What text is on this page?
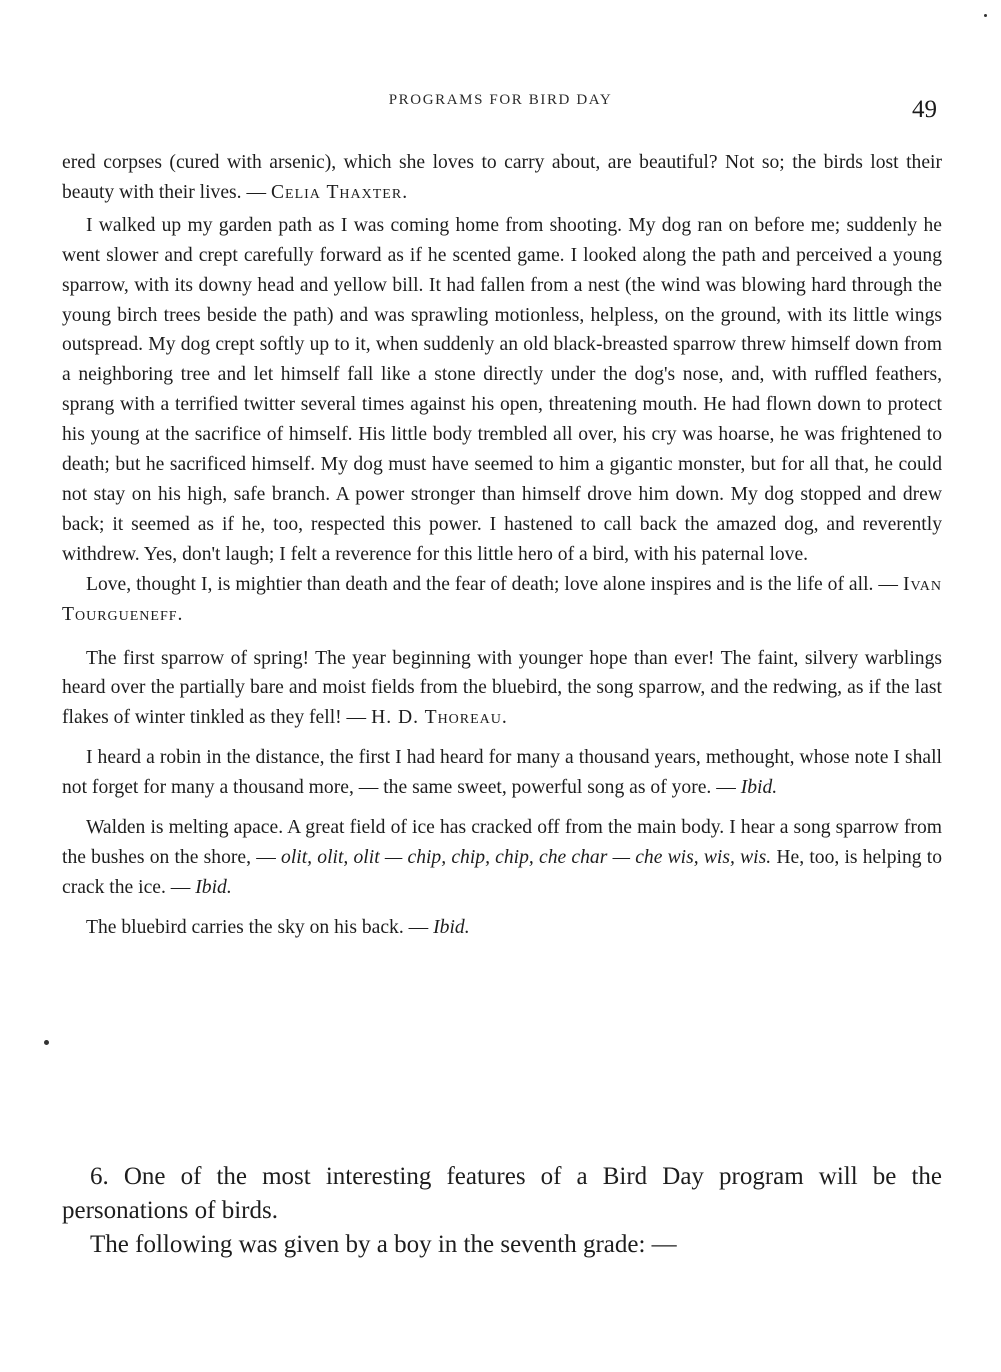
PROGRAMS FOR BIRD DAY	49

ered corpses (cured with arsenic), which she loves to carry about, are beautiful? Not so; the birds lost their beauty with their lives. — Celia Thaxter.

I walked up my garden path as I was coming home from shooting. My dog ran on before me; suddenly he went slower and crept carefully forward as if he scented game. I looked along the path and perceived a young sparrow, with its downy head and yellow bill. It had fallen from a nest (the wind was blowing hard through the young birch trees beside the path) and was sprawling motionless, helpless, on the ground, with its little wings outspread. My dog crept softly up to it, when suddenly an old black-breasted sparrow threw himself down from a neighboring tree and let himself fall like a stone directly under the dog's nose, and, with ruffled feathers, sprang with a terrified twitter several times against his open, threatening mouth. He had flown down to protect his young at the sacrifice of himself. His little body trembled all over, his cry was hoarse, he was frightened to death; but he sacrificed himself. My dog must have seemed to him a gigantic monster, but for all that, he could not stay on his high, safe branch. A power stronger than himself drove him down. My dog stopped and drew back; it seemed as if he, too, respected this power. I hastened to call back the amazed dog, and reverently withdrew. Yes, don't laugh; I felt a reverence for this little hero of a bird, with his paternal love.

Love, thought I, is mightier than death and the fear of death; love alone inspires and is the life of all. — Ivan Tourgueneff.

The first sparrow of spring! The year beginning with younger hope than ever! The faint, silvery warblings heard over the partially bare and moist fields from the bluebird, the song sparrow, and the redwing, as if the last flakes of winter tinkled as they fell! — H. D. Thoreau.

I heard a robin in the distance, the first I had heard for many a thousand years, methought, whose note I shall not forget for many a thousand more, — the same sweet, powerful song as of yore. — Ibid.

Walden is melting apace. A great field of ice has cracked off from the main body. I hear a song sparrow from the bushes on the shore, — olit, olit, olit — chip, chip, chip, che char — che wis, wis, wis. He, too, is helping to crack the ice. — Ibid.

The bluebird carries the sky on his back. — Ibid.

6. One of the most interesting features of a Bird Day program will be the personations of birds.

The following was given by a boy in the seventh grade: —
